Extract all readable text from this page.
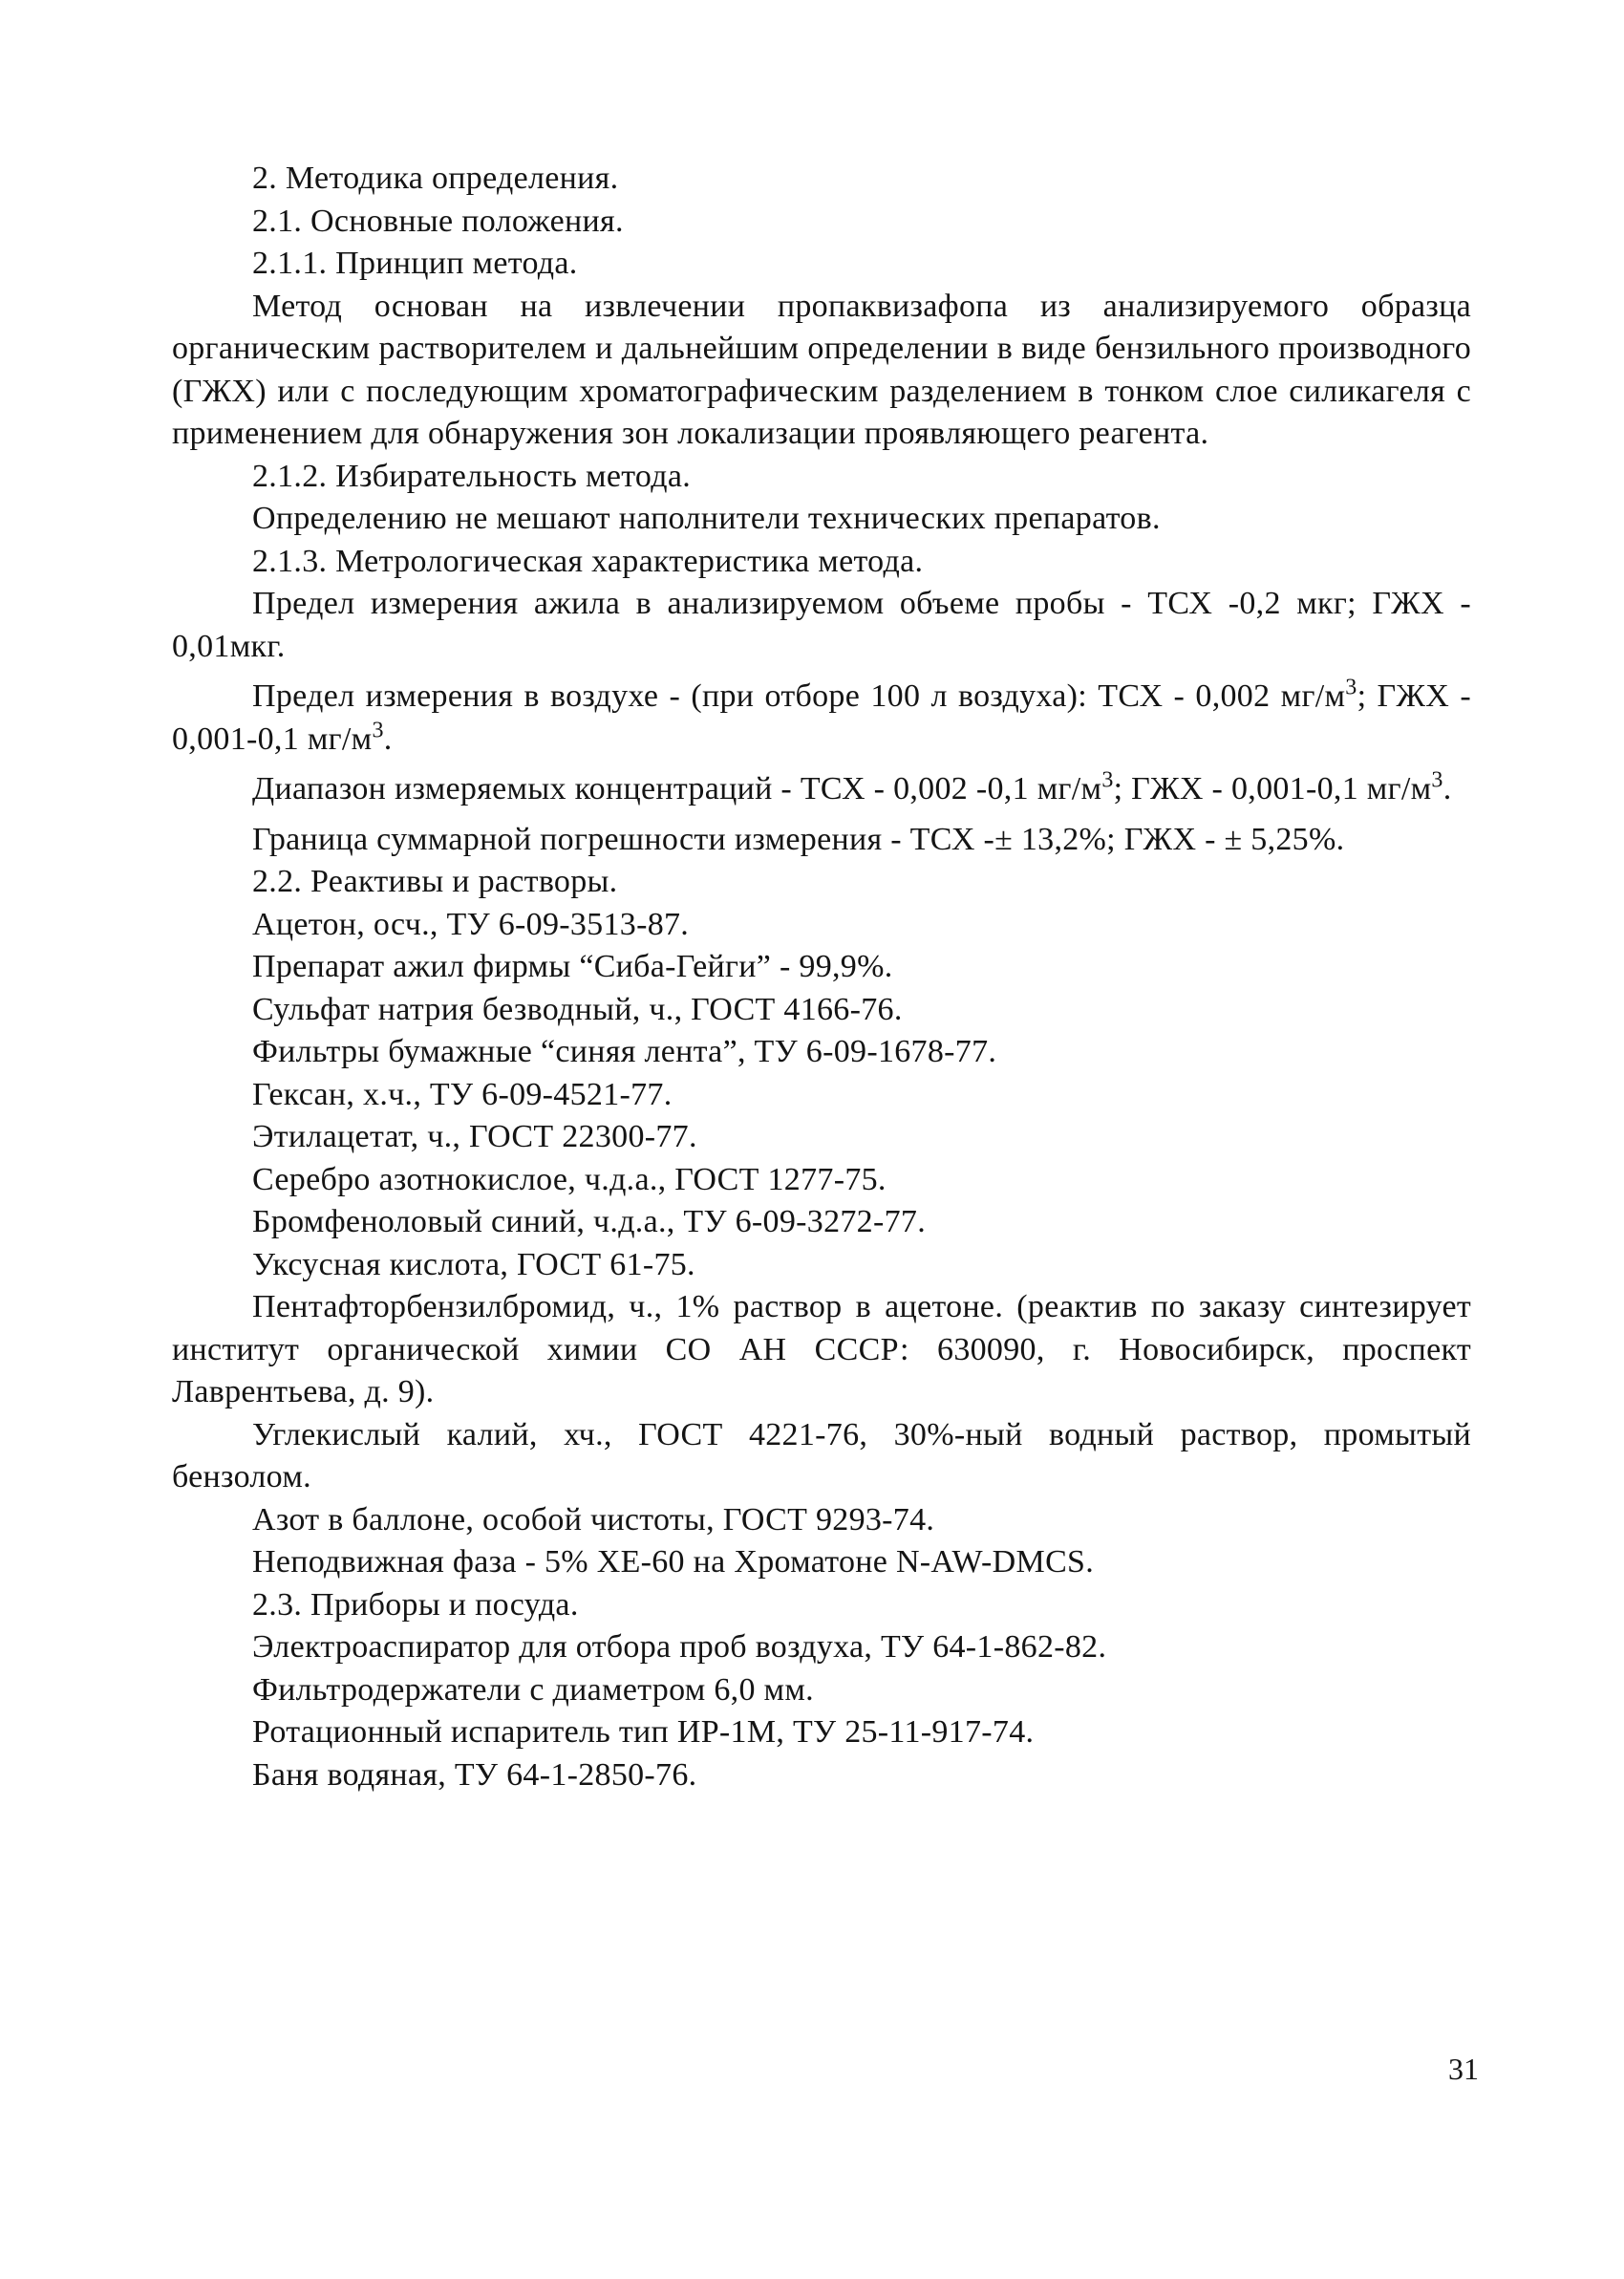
2. Методика определения.

2.1. Основные положения.

2.1.1. Принцип метода.

Метод основан на извлечении пропаквизафопа из анализируемого образца органическим растворителем и дальнейшим определении в виде бензильного производного (ГЖХ) или с последующим хроматографическим разделением в тонком слое силикагеля с применением для обнаружения зон локализации проявляющего реагента.

2.1.2. Избирательность метода.

Определению не мешают наполнители технических препаратов.

2.1.3. Метрологическая характеристика метода.

Предел измерения ажила в анализируемом объеме пробы - ТСХ -0,2 мкг; ГЖХ - 0,01мкг.

Предел измерения в воздухе - (при отборе 100 л воздуха): ТСХ - 0,002 $мг/м^3$; ГЖХ - 0,001-0,1 $мг/м^3$.

Диапазон измеряемых концентраций - ТСХ - 0,002 -0,1 $мг/м^3$; ГЖХ - 0,001-0,1 $мг/м^3$.

Граница суммарной погрешности измерения - ТСХ -± 13,2%; ГЖХ - ± 5,25%.

2.2. Реактивы и растворы.

Ацетон, осч., ТУ 6-09-3513-87.

Препарат ажил фирмы “Сиба-Гейги” - 99,9%.

Сульфат натрия безводный, ч., ГОСТ 4166-76.

Фильтры бумажные “синяя лента”, ТУ 6-09-1678-77.

Гексан, х.ч., ТУ 6-09-4521-77.

Этилацетат, ч., ГОСТ 22300-77.

Серебро азотнокислое, ч.д.а., ГОСТ 1277-75.

Бромфеноловый синий, ч.д.а., ТУ 6-09-3272-77.

Уксусная кислота, ГОСТ 61-75.

Пентафторбензилбромид, ч., 1% раствор в ацетоне. (реактив по заказу синтезирует институт органической химии СО АН СССР: 630090, г. Новосибирск, проспект Лаврентьева, д. 9).

Углекислый калий, хч., ГОСТ 4221-76, 30%-ный водный раствор, промытый бензолом.

Азот в баллоне, особой чистоты, ГОСТ 9293-74.

Неподвижная фаза - 5% XE-60 на Хроматоне N-AW-DMCS.

2.3. Приборы и посуда.

Электроаспиратор для отбора проб воздуха, ТУ 64-1-862-82.

Фильтродержатели с диаметром 6,0 мм.

Ротационный испаритель тип ИР-1М, ТУ 25-11-917-74.

Баня водяная, ТУ 64-1-2850-76.

31
